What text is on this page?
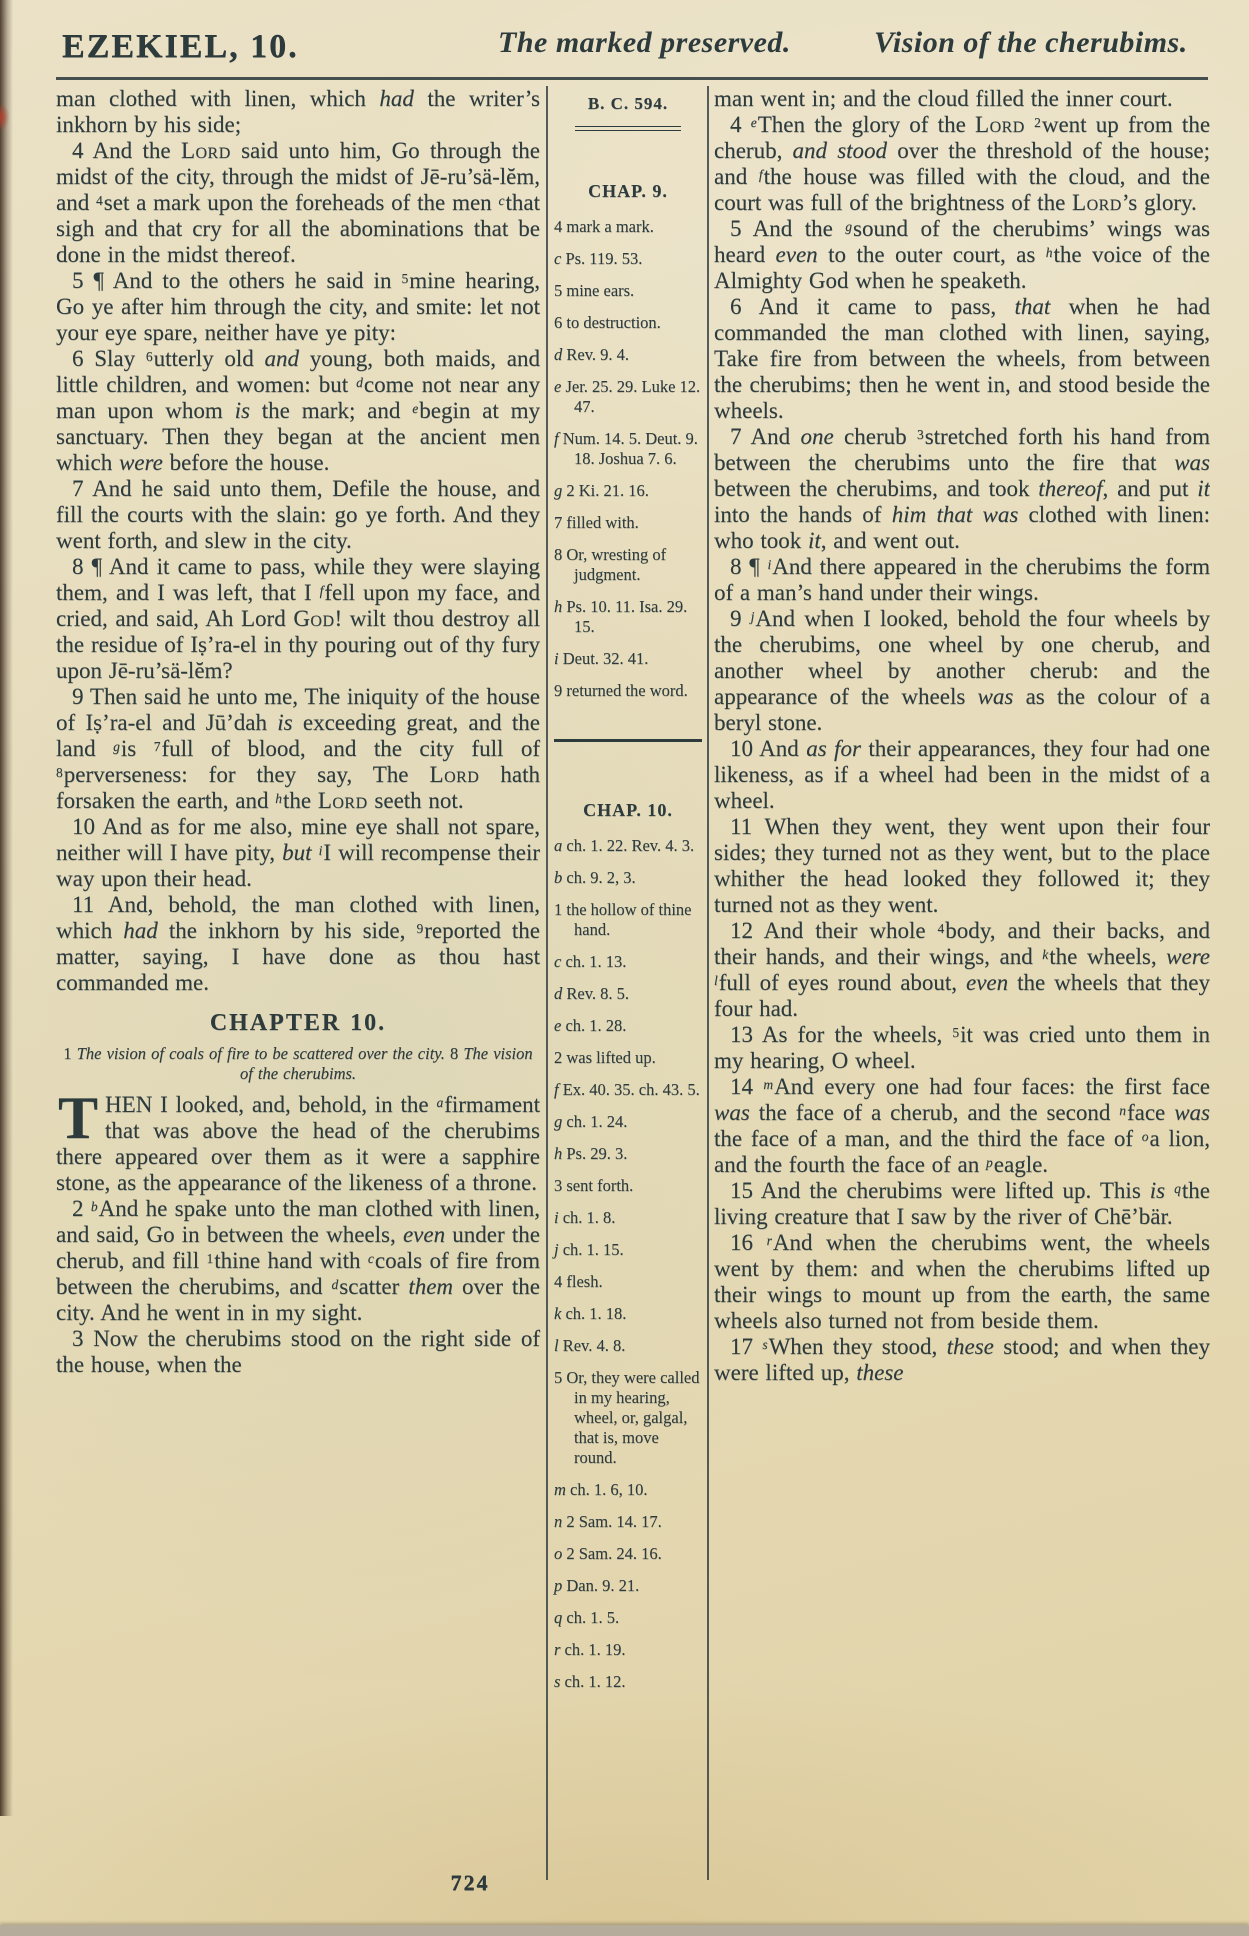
EZEKIEL, 10.	The marked preserved.	Vision of the cherubims.

man clothed with linen, which had the writer’s inkhorn by his side;

4 And the Lord said unto him, Go through the midst of the city, through the midst of Jē-ru’sä-lĕm, and $^4$set a mark upon the foreheads of the men $^c$that sigh and that cry for all the abominations that be done in the midst thereof.

5 ¶ And to the others he said in $^5$mine hearing, Go ye after him through the city, and smite: let not your eye spare, neither have ye pity:

6 Slay $^6$utterly old and young, both maids, and little children, and women: but $^d$come not near any man upon whom is the mark; and $^e$begin at my sanctuary. Then they began at the ancient men which were before the house.

7 And he said unto them, Defile the house, and fill the courts with the slain: go ye forth. And they went forth, and slew in the city.

8 ¶ And it came to pass, while they were slaying them, and I was left, that I $^f$fell upon my face, and cried, and said, Ah Lord God! wilt thou destroy all the residue of Iṣ’ra-el in thy pouring out of thy fury upon Jē-ru’sä-lĕm?

9 Then said he unto me, The iniquity of the house of Iṣ’ra-el and Jū’dah is exceeding great, and the land $^g$is $^7$full of blood, and the city full of $^8$perverseness: for they say, The Lord hath forsaken the earth, and $^h$the Lord seeth not.

10 And as for me also, mine eye shall not spare, neither will I have pity, but $^i$I will recompense their way upon their head.

11 And, behold, the man clothed with linen, which had the inkhorn by his side, $^9$reported the matter, saying, I have done as thou hast commanded me.

CHAPTER 10.

1 The vision of coals of fire to be scattered over the city. 8 The vision of the cherubims.

THEN I looked, and, behold, in the $^a$firmament that was above the head of the cherubims there appeared over them as it were a sapphire stone, as the appearance of the likeness of a throne.

2 $^b$And he spake unto the man clothed with linen, and said, Go in between the wheels, even under the cherub, and fill $^1$thine hand with $^c$coals of fire from between the cherubims, and $^d$scatter them over the city. And he went in in my sight.

3 Now the cherubims stood on the right side of the house, when the

B. C. 594.
CHAP. 9.

4 mark a mark.

c Ps. 119. 53.

5 mine ears.

6 to destruction.

d Rev. 9. 4.

e Jer. 25. 29. Luke 12. 47.

f Num. 14. 5. Deut. 9. 18. Joshua 7. 6.

g 2 Ki. 21. 16.

7 filled with.

8 Or, wresting of judgment.

h Ps. 10. 11. Isa. 29. 15.

i Deut. 32. 41.

9 returned the word.

CHAP. 10.

a ch. 1. 22. Rev. 4. 3.

b ch. 9. 2, 3.

1 the hollow of thine hand.

c ch. 1. 13.

d Rev. 8. 5.

e ch. 1. 28.

2 was lifted up.

f Ex. 40. 35. ch. 43. 5.

g ch. 1. 24.

h Ps. 29. 3.

3 sent forth.

i ch. 1. 8.

j ch. 1. 15.

4 flesh.

k ch. 1. 18.

l Rev. 4. 8.

5 Or, they were called in my hearing, wheel, or, galgal, that is, move round.

m ch. 1. 6, 10.

n 2 Sam. 14. 17.

o 2 Sam. 24. 16.

p Dan. 9. 21.

q ch. 1. 5.

r ch. 1. 19.

s ch. 1. 12.

man went in; and the cloud filled the inner court.

4 $^e$Then the glory of the Lord $^2$went up from the cherub, and stood over the threshold of the house; and $^f$the house was filled with the cloud, and the court was full of the brightness of the Lord’s glory.

5 And the $^g$sound of the cherubims’ wings was heard even to the outer court, as $^h$the voice of the Almighty God when he speaketh.

6 And it came to pass, that when he had commanded the man clothed with linen, saying, Take fire from between the wheels, from between the cherubims; then he went in, and stood beside the wheels.

7 And one cherub $^3$stretched forth his hand from between the cherubims unto the fire that was between the cherubims, and took thereof, and put it into the hands of him that was clothed with linen: who took it, and went out.

8 ¶ $^i$And there appeared in the cherubims the form of a man’s hand under their wings.

9 $^j$And when I looked, behold the four wheels by the cherubims, one wheel by one cherub, and another wheel by another cherub: and the appearance of the wheels was as the colour of a beryl stone.

10 And as for their appearances, they four had one likeness, as if a wheel had been in the midst of a wheel.

11 When they went, they went upon their four sides; they turned not as they went, but to the place whither the head looked they followed it; they turned not as they went.

12 And their whole $^4$body, and their backs, and their hands, and their wings, and $^k$the wheels, were $^l$full of eyes round about, even the wheels that they four had.

13 As for the wheels, $^5$it was cried unto them in my hearing, O wheel.

14 $^m$And every one had four faces: the first face was the face of a cherub, and the second $^n$face was the face of a man, and the third the face of $^o$a lion, and the fourth the face of an $^p$eagle.

15 And the cherubims were lifted up. This is $^q$the living creature that I saw by the river of Chē’bär.

16 $^r$And when the cherubims went, the wheels went by them: and when the cherubims lifted up their wings to mount up from the earth, the same wheels also turned not from beside them.

17 $^s$When they stood, these stood; and when they were lifted up, these

724
